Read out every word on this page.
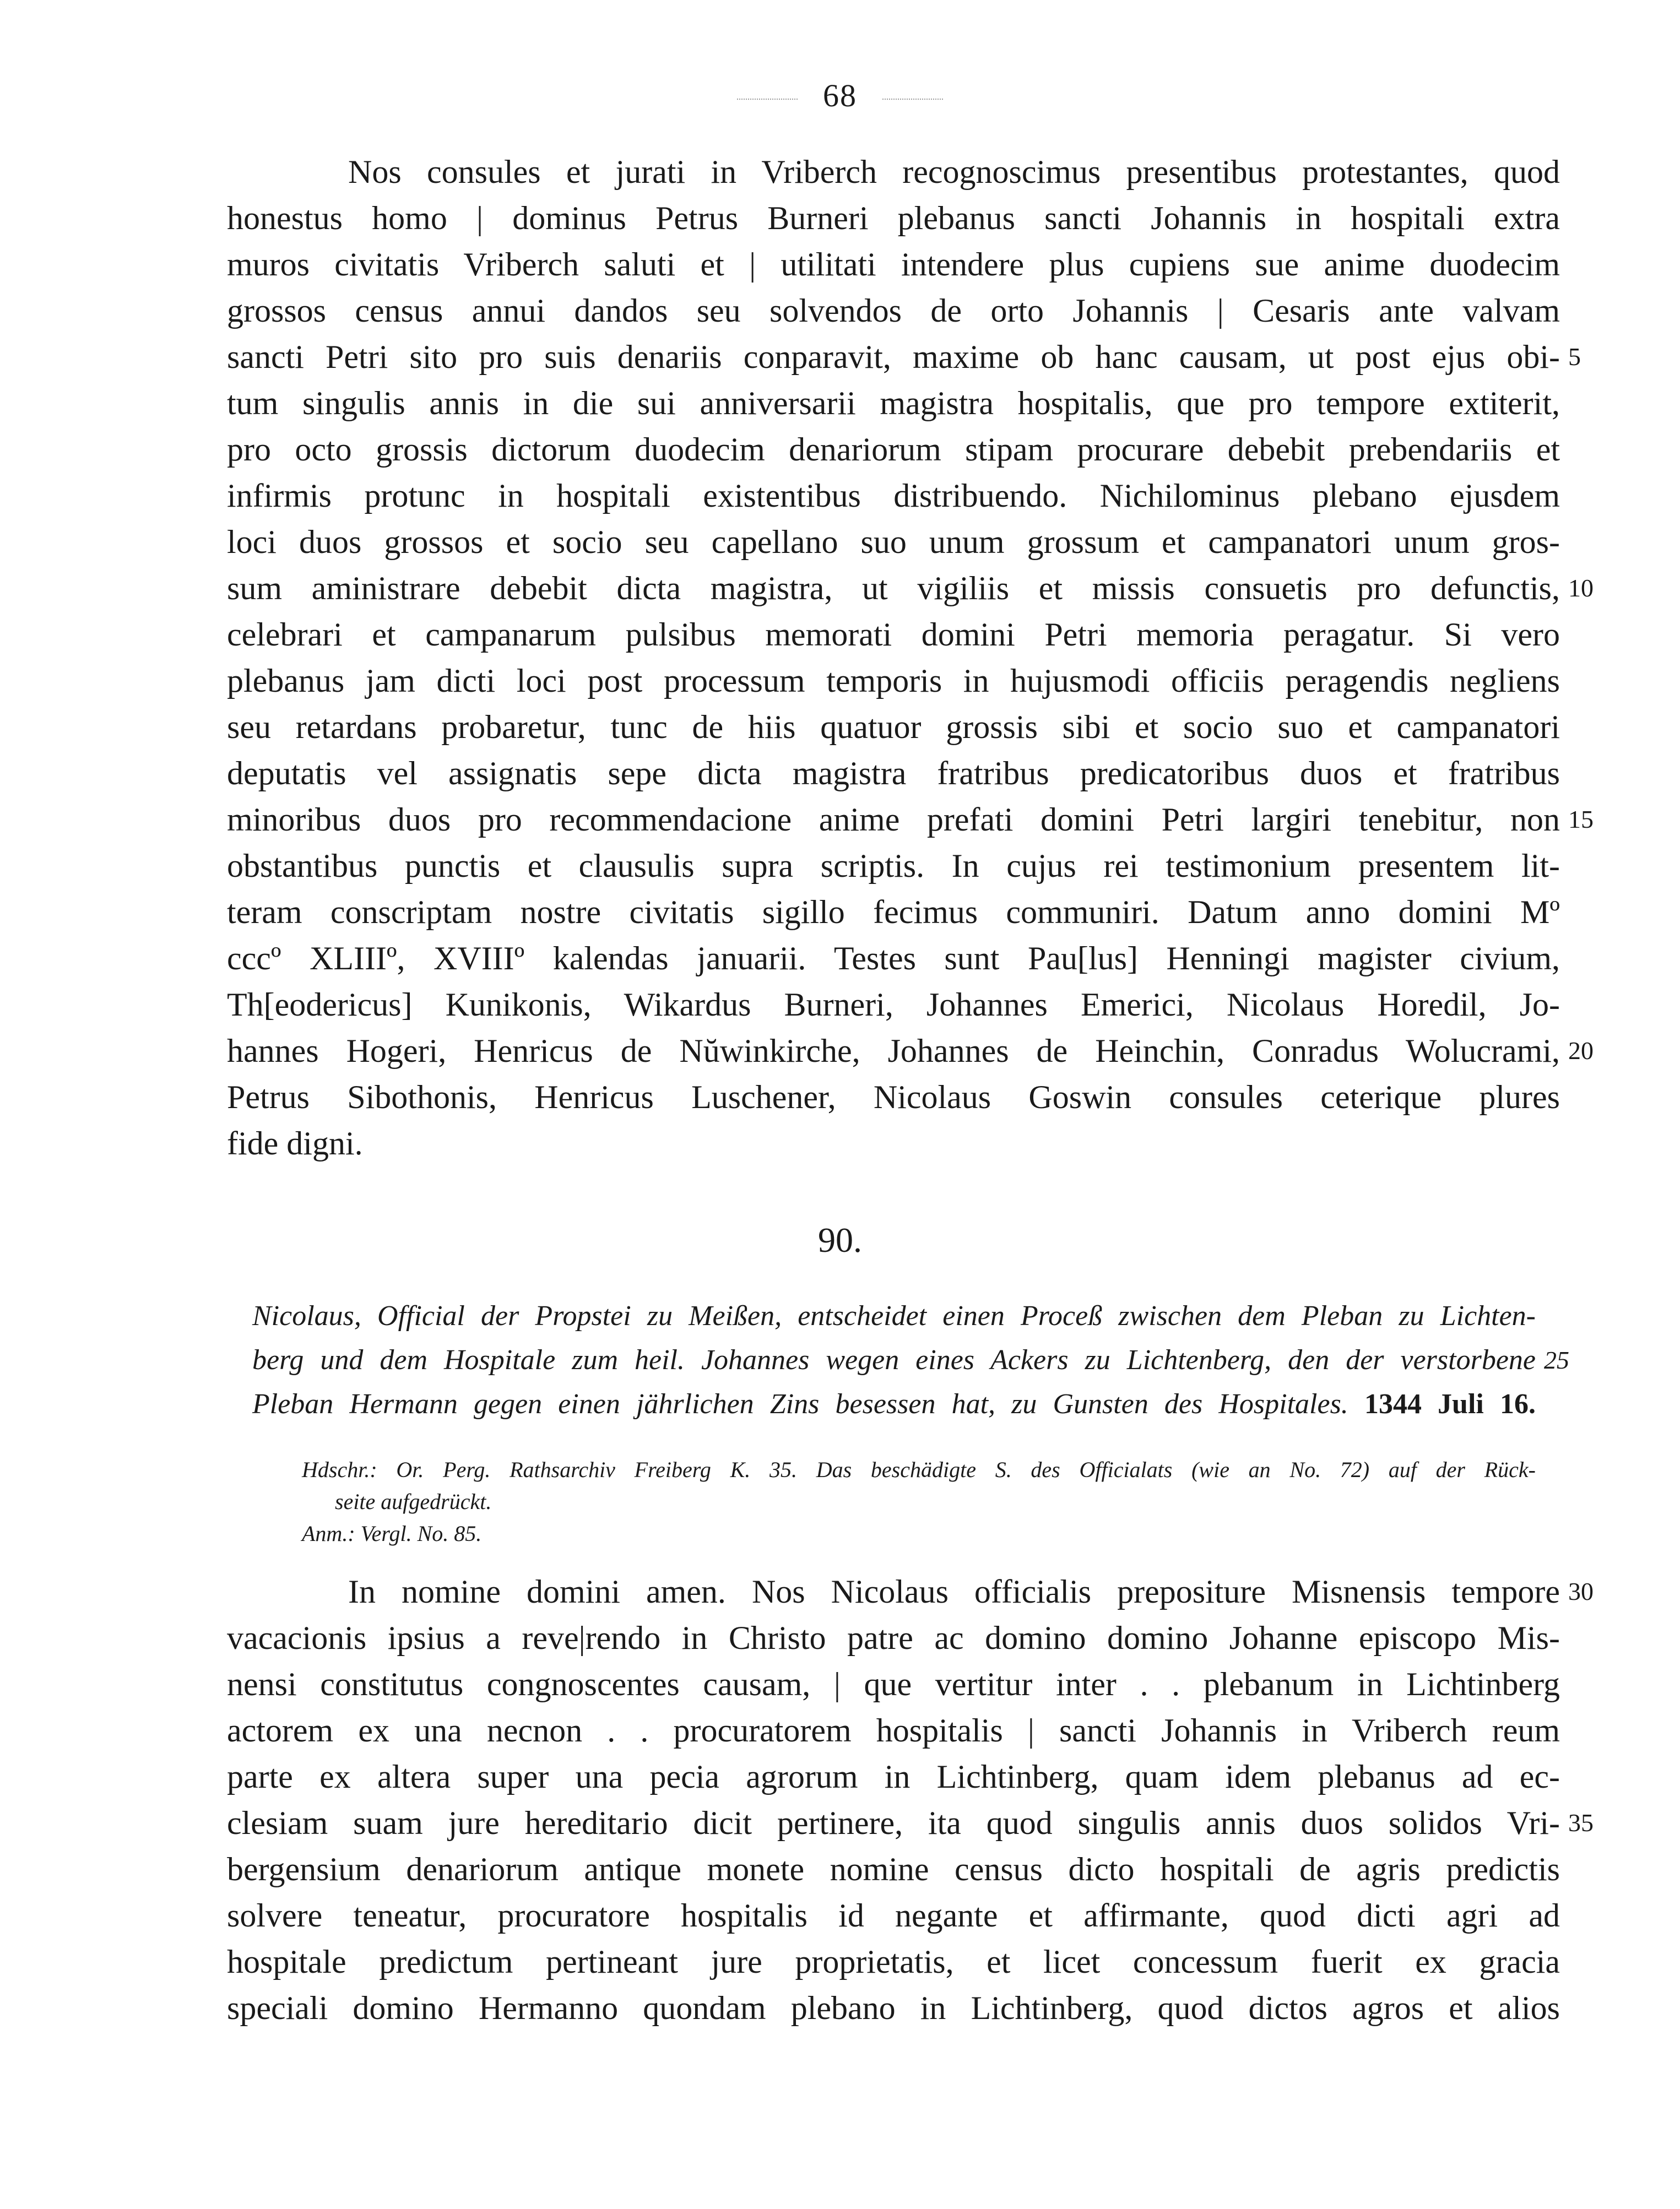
68
Nos consules et jurati in Vriberch recognoscimus presentibus protestantes, quod
honestus homo | dominus Petrus Burneri plebanus sancti Johannis in hospitali extra
muros civitatis Vriberch saluti et | utilitati intendere plus cupiens sue anime duodecim
grossos census annui dandos seu solvendos de orto Johannis | Cesaris ante valvam
sancti Petri sito pro suis denariis conparavit, maxime ob hanc causam, ut post ejus obi- 5
tum singulis annis in die sui anniversarii magistra hospitalis, que pro tempore extiterit,
pro octo grossis dictorum duodecim denariorum stipam procurare debebit prebendariis et
infirmis protunc in hospitali existentibus distribuendo. Nichilominus plebano ejusdem
loci duos grossos et socio seu capellano suo unum grossum et campanatori unum gros-
sum aministrare debebit dicta magistra, ut vigiliis et missis consuetis pro defunctis, 10
celebrari et campanarum pulsibus memorati domini Petri memoria peragatur. Si vero
plebanus jam dicti loci post processum temporis in hujusmodi officiis peragendis negliens
seu retardans probaretur, tunc de hiis quatuor grossis sibi et socio suo et campanatori
deputatis vel assignatis sepe dicta magistra fratribus predicatoribus duos et fratribus
minoribus duos pro recommendacione anime prefati domini Petri largiri tenebitur, non 15
obstantibus punctis et clausulis supra scriptis. In cujus rei testimonium presentem lit-
teram conscriptam nostre civitatis sigillo fecimus communiri. Datum anno domini Mº
cccº XLIIIº, XVIIIº kalendas januarii. Testes sunt Pau[lus] Henningi magister civium,
Th[eodericus] Kunikonis, Wikardus Burneri, Johannes Emerici, Nicolaus Horedil, Jo-
hannes Hogeri, Henricus de Nŭwinkirche, Johannes de Heinchin, Conradus Wolucrami, 20
Petrus Sibothonis, Henricus Luschener, Nicolaus Goswin consules ceterique plures
fide digni.
90.
Nicolaus, Official der Propstei zu Meißen, entscheidet einen Proceß zwischen dem Pleban zu Lichten-
berg und dem Hospitale zum heil. Johannes wegen eines Ackers zu Lichtenberg, den der verstorbene 25
Pleban Hermann gegen einen jährlichen Zins besessen hat, zu Gunsten des Hospitales. 1344 Juli 16.
Hdschr.: Or. Perg. Rathsarchiv Freiberg K. 35. Das beschädigte S. des Officialats (wie an No. 72) auf der Rück-
seite aufgedrückt.
Anm.: Vergl. No. 85.
In nomine domini amen. Nos Nicolaus officialis prepositure Misnensis tempore 30
vacacionis ipsius a reve|rendo in Christo patre ac domino domino Johanne episcopo Mis-
nensi constitutus congnoscentes causam, | que vertitur inter . . plebanum in Lichtinberg
actorem ex una necnon . . procuratorem hospitalis | sancti Johannis in Vriberch reum
parte ex altera super una pecia agrorum in Lichtinberg, quam idem plebanus ad ec-
clesiam suam jure hereditario dicit pertinere, ita quod singulis annis duos solidos Vri- 35
bergensium denariorum antique monete nomine census dicto hospitali de agris predictis
solvere teneatur, procuratore hospitalis id negante et affirmante, quod dicti agri ad
hospitale predictum pertineant jure proprietatis, et licet concessum fuerit ex gracia
speciali domino Hermanno quondam plebano in Lichtinberg, quod dictos agros et alios
